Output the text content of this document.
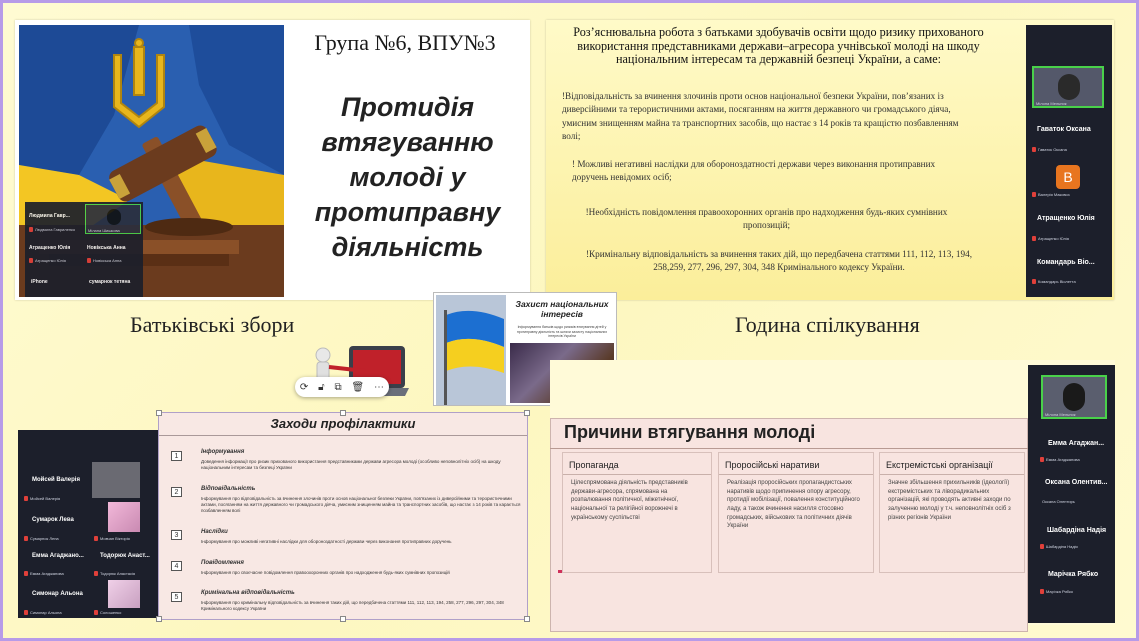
Людмила Гавр...
Людмила Гавриленко	Мілана Шишкова
Атращенко Юлія
Атращенко Юлія
Новікська Анна
Новікська Анна
iPhone	сумарнок тетяна
Група №6, ВПУ№3
Протидія
втягуванню
молоді у
протиправну
діяльність
Роз’яснювальна робота з батьками здобувачів освіти щодо ризику прихованого використання представниками держави–агресора учнівської молоді на шкоду національним інтересам та державній безпеці України, а саме:
!Відповідальність за вчинення злочинів проти основ національної безпеки України, пов’язаних із диверсійними та терористичними актами, посяганням на життя державного чи громадського діяча, умисним знищенням майна та транспортних засобів, що настає з 14 років та кращістю позбавленням волі;
! Можливі негативні наслідки для обороноздатності держави через виконання протиправних доручень невідомих осіб;
!Необхідність повідомлення правоохоронних органів про надходження будь-яких сумнівних пропозицій;
!Кримінальну відповідальність за вчинення таких дій, що передбачена статтями 111, 112, 113, 194, 258,259, 277, 296, 297, 304, 348 Кримінального кодексу України.
Мілона Мельник
Гаваток Оксана
Гаваток Оксана
B
Валерія Маковоз
Атращенко Юлія
Атращенко Юлія
Командарь Віо...
Командарь Віолетта
Батьківські збори	Година спілкування
Захист національних інтересів
Інформування батьків щодо ризиків втягування дітей у протиправну діяльність та шляхи захисту національних інтересів України
⟳ 🔓︎ ⧉ 🗑︎ ⋯
Мойсей Валерія
Мойсей Валерія
Сумарок Лева
Сумарнок Лена	Мовчан Вікторія
Емма Агаджано...	Тодорюк Анаст...
Емма Агаджанова	Тодорюк Анастасія
Симонар Альона
Симонар Альона	Солошенко
Заходи профілактики
1
Інформування
Доведення інформації про ризик прихованого використання представниками держави агресора молоді (особливо неповнолітніх осіб) на шкоду національним інтересам та безпеці України
2	Відповідальність
Інформування про відповідальність за вчинення злочинів проти основ національної безпеки України, пов'язаних із диверсійними та терористичними актами, посяганням на життя державного чи громадського діяча, умисним знищенням майна та транспортних засобів, що настає з 14 років та карається позбавленням волі
3	Наслідки
Інформування про можливі негативні наслідки для обороноздатності держави через виконання протиправних доручень
4	Повідомлення
Інформування про своєчасне повідомлення правоохоронних органів про надходження будь-яких сумнівних пропозицій
5
Кримінальна відповідальність
Інформування про кримінальну відповідальність за вчинення таких дій, що передбачена статтями 111, 112, 113, 194, 258, 277, 296, 297, 304, 348 Кримінального кодексу України
Причини втягування молоді
Мілона Мельник
Емма Агаджан...
Емма Агаджанова
Оксана Олентив...
Оксана Олентирь
Шабардіна Надія
Шабардіна Надія
Марічка Рябко
Марічка Рябко
Пропаганда
Цілеспрямована діяльність представників держави-агресора, спрямована на розпалювання політичної, міжетнічної, національної та релігійної ворожнечі в українському суспільстві
Проросійські наративи
Реалізація проросійських пропагандистських наративів щодо припинення опору агресору, протидії мобілізації, повалення конституційного ладу, а також вчинення насилля стосовно громадських, військових та політичних діячів України
Екстремістські організації
Значне збільшення прихильників (ідеології) екстремістських та ліворадикальних організацій, які проводять активні заходи по залученню молоді у т.ч. неповнолітніх осіб з різних регіонів України
